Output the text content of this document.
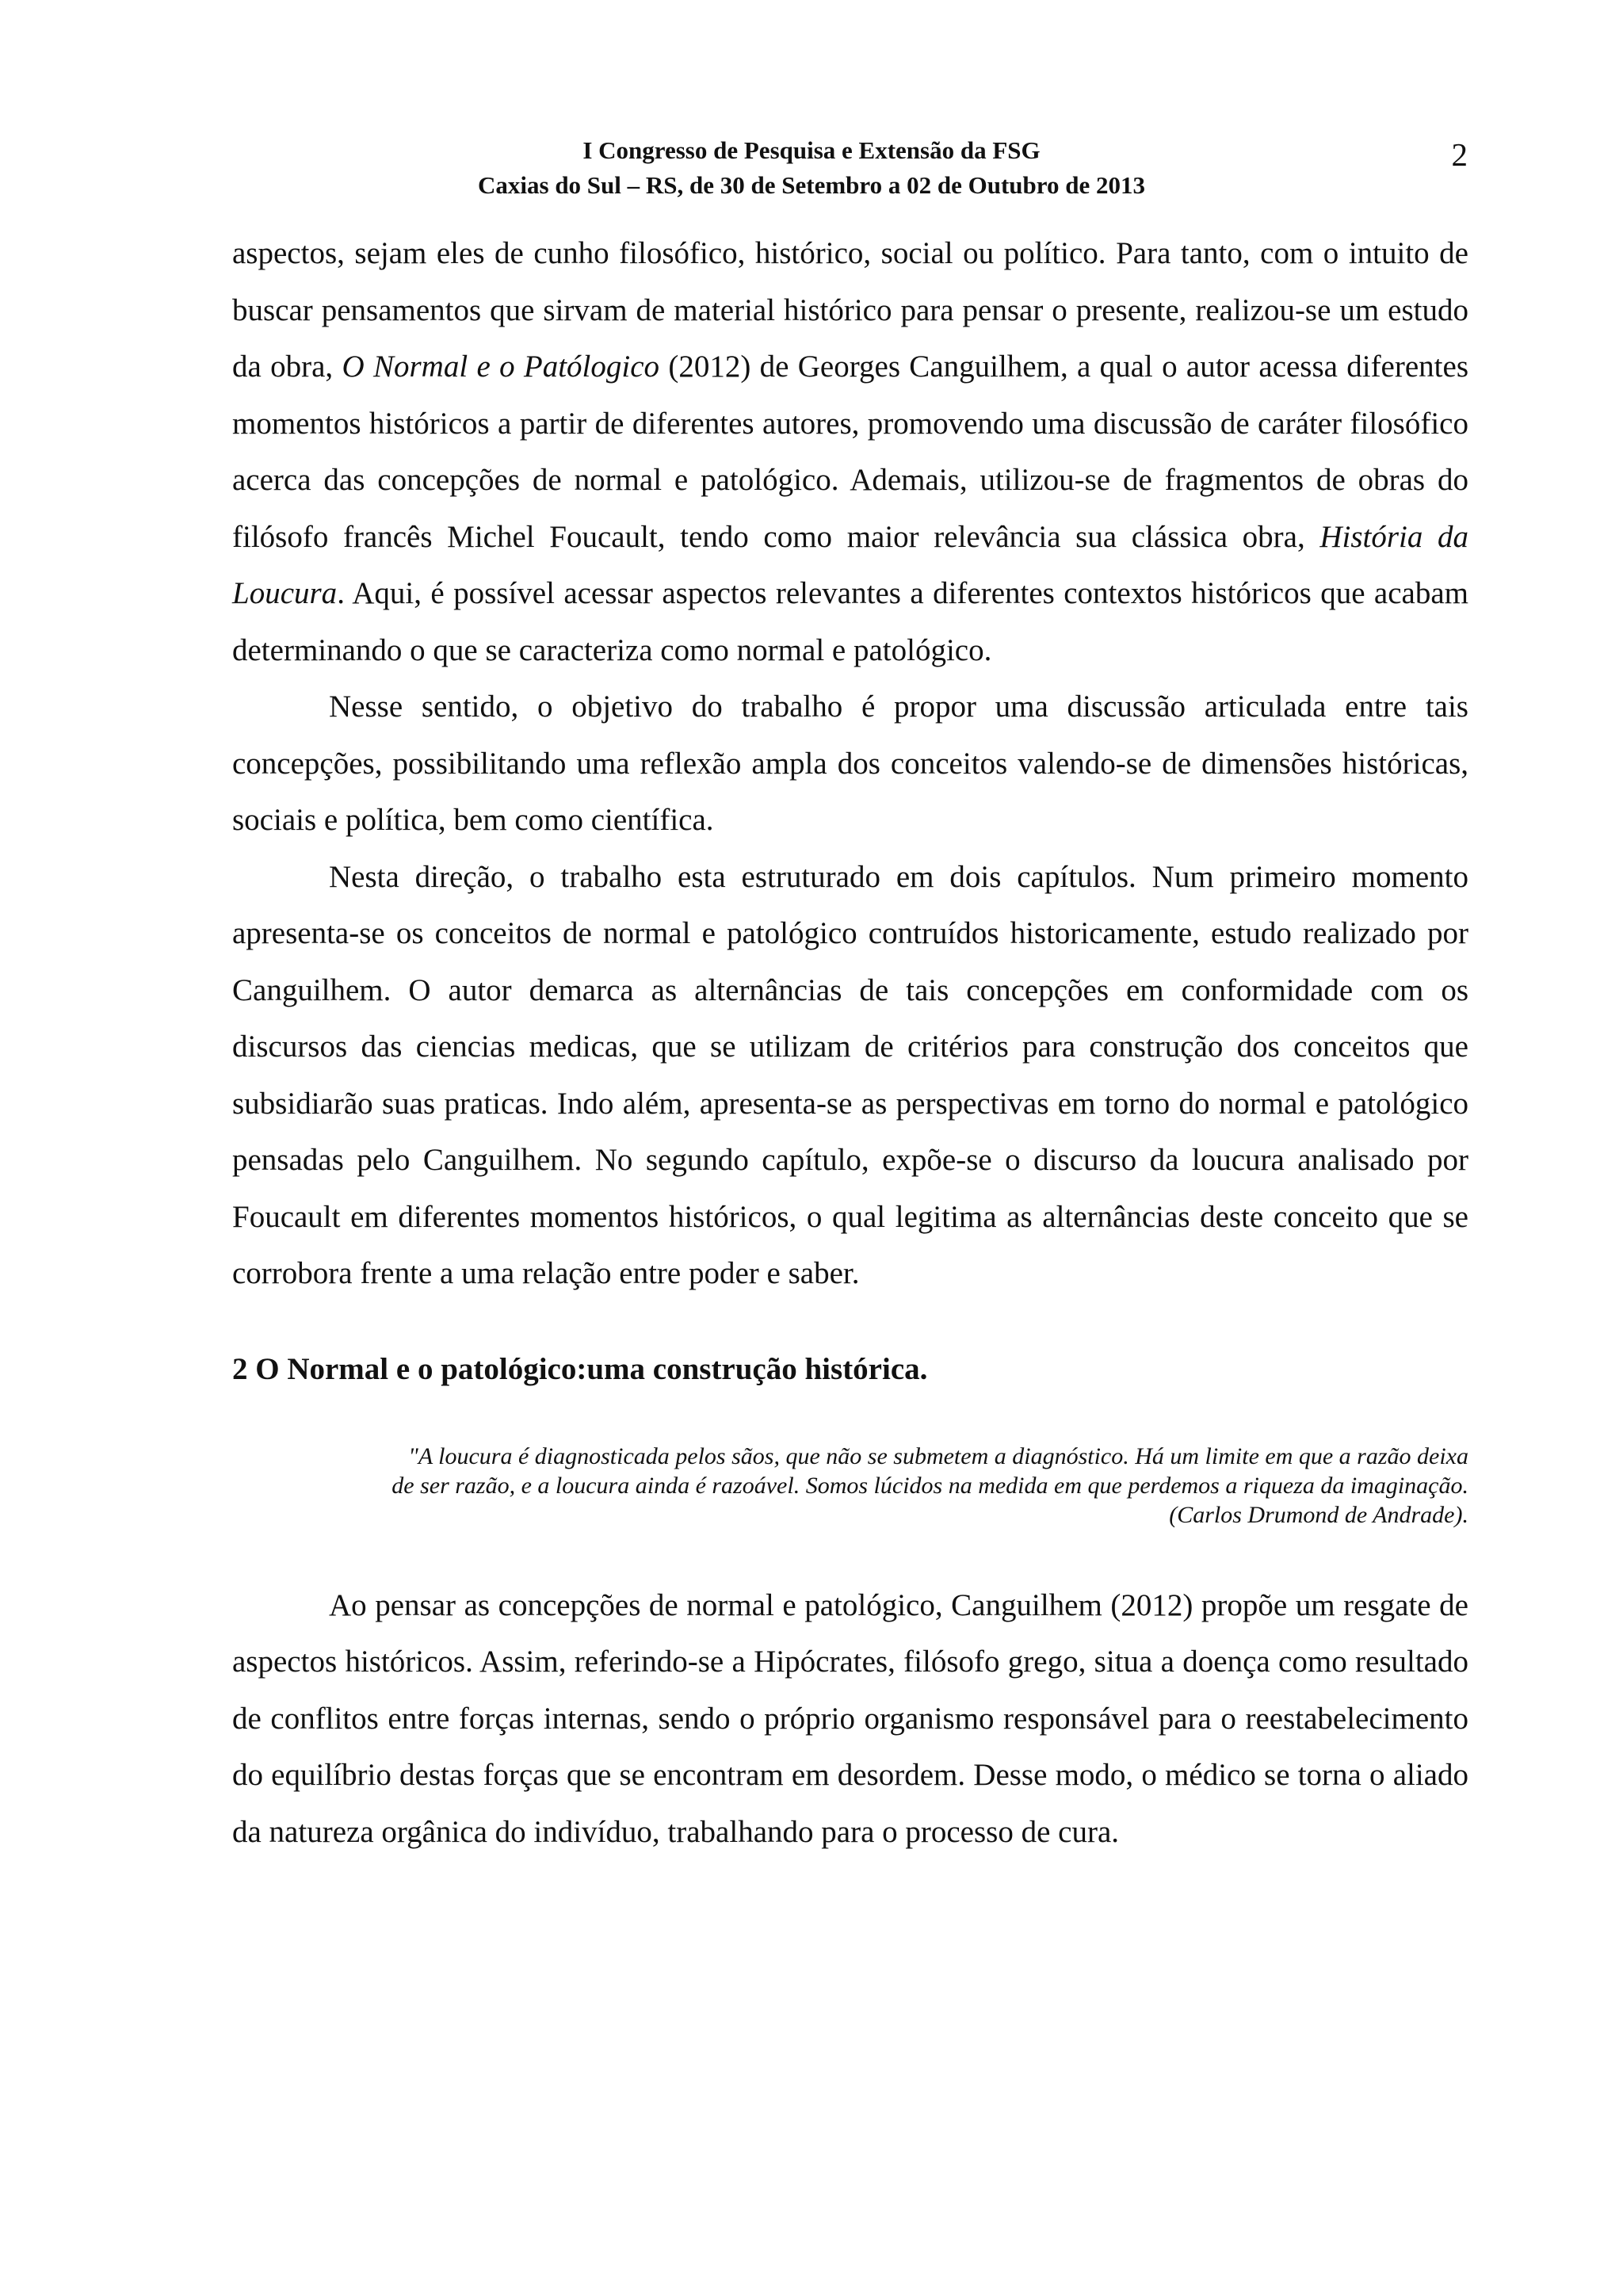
I Congresso de Pesquisa e Extensão da FSG
Caxias do Sul – RS, de 30 de Setembro a 02 de Outubro de 2013
2

aspectos, sejam eles de cunho filosófico, histórico, social ou político. Para tanto, com o intuito de buscar pensamentos que sirvam de material histórico para pensar o presente, realizou-se um estudo da obra, O Normal e o Patólogico (2012) de Georges Canguilhem, a qual o autor acessa diferentes momentos históricos a partir de diferentes autores, promovendo uma discussão de caráter filosófico acerca das concepções de normal e patológico. Ademais, utilizou-se de fragmentos de obras do filósofo francês Michel Foucault, tendo como maior relevância sua clássica obra, História da Loucura. Aqui, é possível acessar aspectos relevantes a diferentes contextos históricos que acabam determinando o que se caracteriza como normal e patológico.

Nesse sentido, o objetivo do trabalho é propor uma discussão articulada entre tais concepções, possibilitando uma reflexão ampla dos conceitos valendo-se de dimensões históricas, sociais e política, bem como científica.

Nesta direção, o trabalho esta estruturado em dois capítulos. Num primeiro momento apresenta-se os conceitos de normal e patológico contruídos historicamente, estudo realizado por Canguilhem. O autor demarca as alternâncias de tais concepções em conformidade com os discursos das ciencias medicas, que se utilizam de critérios para construção dos conceitos que subsidiarão suas praticas. Indo além, apresenta-se as perspectivas em torno do normal e patológico pensadas pelo Canguilhem. No segundo capítulo, expõe-se o discurso da loucura analisado por Foucault em diferentes momentos históricos, o qual legitima as alternâncias deste conceito que se corrobora frente a uma relação entre poder e saber.

2 O Normal e o patológico:uma construção histórica.
"A loucura é diagnosticada pelos sãos, que não se submetem a diagnóstico. Há um limite em que a razão deixa
de ser razão, e a loucura ainda é razoável. Somos lúcidos na medida em que perdemos a riqueza da imaginação.
(Carlos Drumond de Andrade).

Ao pensar as concepções de normal e patológico, Canguilhem (2012) propõe um resgate de aspectos históricos. Assim, referindo-se a Hipócrates, filósofo grego, situa a doença como resultado de conflitos entre forças internas, sendo o próprio organismo responsável para o reestabelecimento do equilíbrio destas forças que se encontram em desordem. Desse modo, o médico se torna o aliado da natureza orgânica do indivíduo, trabalhando para o processo de cura.
